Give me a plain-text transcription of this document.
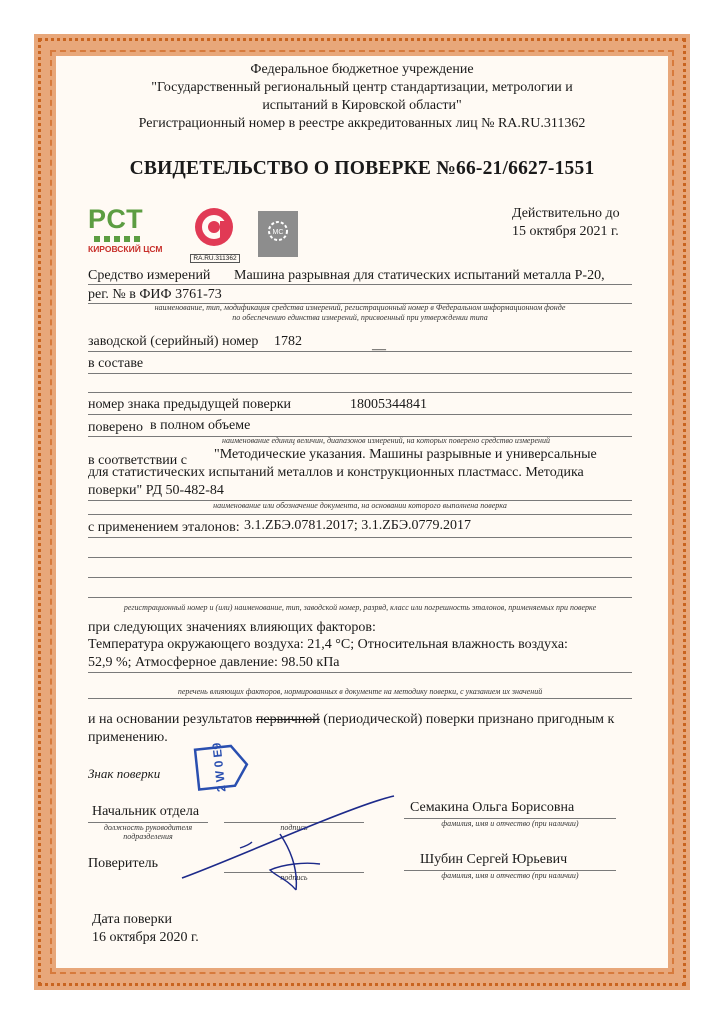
Федеральное бюджетное учреждение
"Государственный региональный центр стандартизации, метрологии и
испытаний в Кировской области"
Регистрационный номер в реестре аккредитованных лиц № RA.RU.311362
СВИДЕТЕЛЬСТВО О ПОВЕРКЕ №66-21/6627-1551
РСТ
КИРОВСКИЙ ЦСМ
RA.RU.311362
МС
Действительно до
15 октября 2021 г.
Средство измерений Машина разрывная для статических испытаний металла Р-20,
рег. № в ФИФ 3761-73
наименование, тип, модификация средства измерений, регистрационный номер в Федеральном информационном фонде
по обеспечению единства измерений, присвоенный при утверждении типа
заводской (серийный) номер 1782
в составе
—
номер знака предыдущей поверки	18005344841
поверено в полном объеме
наименование единиц величин, диапазонов измерений, на которых поверено средство измерений
в соответствии с "Методические указания. Машины разрывные и универсальные
для статистических испытаний металлов и конструкционных пластмасс. Методика
поверки" РД 50-482-84
наименование или обозначение документа, на основании которого выполнена поверка
с применением эталонов: 3.1.ZБЭ.0781.2017; 3.1.ZБЭ.0779.2017
регистрационный номер и (или) наименование, тип, заводской номер, разряд, класс или погрешность эталонов, применяемых при поверке
при следующих значениях влияющих факторов:
Температура окружающего воздуха: 21,4 °С; Относительная влажность воздуха:
52,9 %; Атмосферное давление: 98.50 кПа
перечень влияющих факторов, нормированных в документе на методику поверки, с указанием их значений
и на основании результатов первичной (периодической) поверки признано пригодным к
применению.
2 W 0 E9
Знак поверки
Начальник отдела
должность руководителя подразделения
подпись
Семакина Ольга Борисовна
фамилия, имя и отчество (при наличии)
Поверитель
подпись
Шубин Сергей Юрьевич
фамилия, имя и отчество (при наличии)
Дата поверки
16 октября 2020 г.
